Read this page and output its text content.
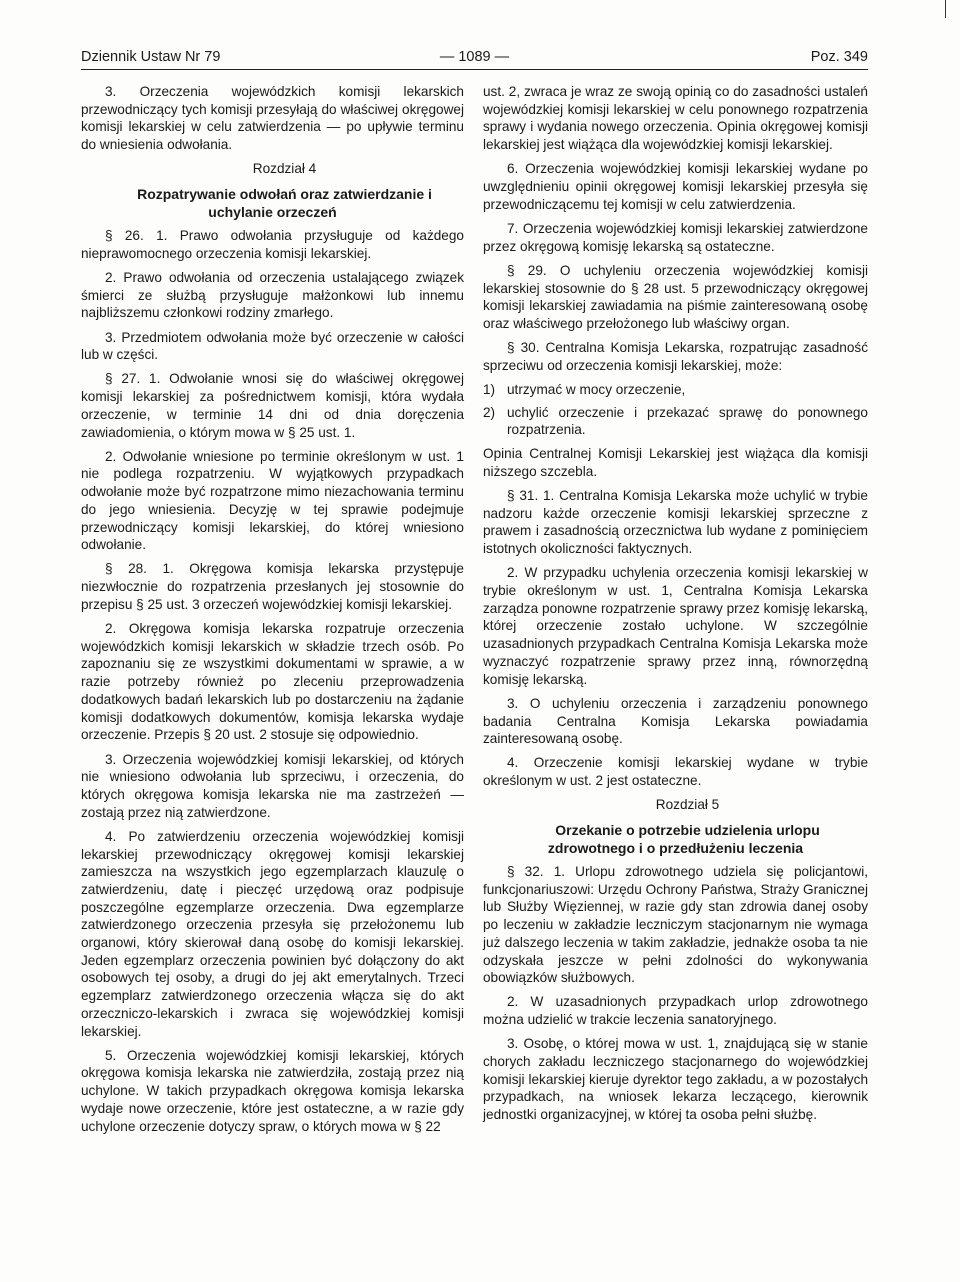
Dziennik Ustaw Nr 79	— 1089 —	Poz. 349

3. Orzeczenia wojewódzkich komisji lekarskich przewodniczący tych komisji przesyłają do właściwej okręgowej komisji lekarskiej w celu zatwierdzenia — po upływie terminu do wniesienia odwołania.

Rozdział 4

Rozpatrywanie odwołań oraz zatwierdzanie i uchylanie orzeczeń

§ 26. 1. Prawo odwołania przysługuje od każdego nieprawomocnego orzeczenia komisji lekarskiej.

2. Prawo odwołania od orzeczenia ustalającego związek śmierci ze służbą przysługuje małżonkowi lub innemu najbliższemu członkowi rodziny zmarłego.

3. Przedmiotem odwołania może być orzeczenie w całości lub w części.

§ 27. 1. Odwołanie wnosi się do właściwej okręgowej komisji lekarskiej za pośrednictwem komisji, która wydała orzeczenie, w terminie 14 dni od dnia doręczenia zawiadomienia, o którym mowa w § 25 ust. 1.

2. Odwołanie wniesione po terminie określonym w ust. 1 nie podlega rozpatrzeniu. W wyjątkowych przypadkach odwołanie może być rozpatrzone mimo niezachowania terminu do jego wniesienia. Decyzję w tej sprawie podejmuje przewodniczący komisji lekarskiej, do której wniesiono odwołanie.

§ 28. 1. Okręgowa komisja lekarska przystępuje niezwłocznie do rozpatrzenia przesłanych jej stosownie do przepisu § 25 ust. 3 orzeczeń wojewódzkiej komisji lekarskiej.

2. Okręgowa komisja lekarska rozpatruje orzeczenia wojewódzkich komisji lekarskich w składzie trzech osób. Po zapoznaniu się ze wszystkimi dokumentami w sprawie, a w razie potrzeby również po zleceniu przeprowadzenia dodatkowych badań lekarskich lub po dostarczeniu na żądanie komisji dodatkowych dokumentów, komisja lekarska wydaje orzeczenie. Przepis § 20 ust. 2 stosuje się odpowiednio.

3. Orzeczenia wojewódzkiej komisji lekarskiej, od których nie wniesiono odwołania lub sprzeciwu, i orzeczenia, do których okręgowa komisja lekarska nie ma zastrzeżeń — zostają przez nią zatwierdzone.

4. Po zatwierdzeniu orzeczenia wojewódzkiej komisji lekarskiej przewodniczący okręgowej komisji lekarskiej zamieszcza na wszystkich jego egzemplarzach klauzulę o zatwierdzeniu, datę i pieczęć urzędową oraz podpisuje poszczególne egzemplarze orzeczenia. Dwa egzemplarze zatwierdzonego orzeczenia przesyła się przełożonemu lub organowi, który skierował daną osobę do komisji lekarskiej. Jeden egzemplarz orzeczenia powinien być dołączony do akt osobowych tej osoby, a drugi do jej akt emerytalnych. Trzeci egzemplarz zatwierdzonego orzeczenia włącza się do akt orzeczniczo-lekarskich i zwraca się wojewódzkiej komisji lekarskiej.

5. Orzeczenia wojewódzkiej komisji lekarskiej, których okręgowa komisja lekarska nie zatwierdziła, zostają przez nią uchylone. W takich przypadkach okręgowa komisja lekarska wydaje nowe orzeczenie, które jest ostateczne, a w razie gdy uchylone orzeczenie dotyczy spraw, o których mowa w § 22

ust. 2, zwraca je wraz ze swoją opinią co do zasadności ustaleń wojewódzkiej komisji lekarskiej w celu ponownego rozpatrzenia sprawy i wydania nowego orzeczenia. Opinia okręgowej komisji lekarskiej jest wiążąca dla wojewódzkiej komisji lekarskiej.

6. Orzeczenia wojewódzkiej komisji lekarskiej wydane po uwzględnieniu opinii okręgowej komisji lekarskiej przesyła się przewodniczącemu tej komisji w celu zatwierdzenia.

7. Orzeczenia wojewódzkiej komisji lekarskiej zatwierdzone przez okręgową komisję lekarską są ostateczne.

§ 29. O uchyleniu orzeczenia wojewódzkiej komisji lekarskiej stosownie do § 28 ust. 5 przewodniczący okręgowej komisji lekarskiej zawiadamia na piśmie zainteresowaną osobę oraz właściwego przełożonego lub właściwy organ.

§ 30. Centralna Komisja Lekarska, rozpatrując zasadność sprzeciwu od orzeczenia komisji lekarskiej, może:

1) utrzymać w mocy orzeczenie,
2) uchylić orzeczenie i przekazać sprawę do ponownego rozpatrzenia.

Opinia Centralnej Komisji Lekarskiej jest wiążąca dla komisji niższego szczebla.

§ 31. 1. Centralna Komisja Lekarska może uchylić w trybie nadzoru każde orzeczenie komisji lekarskiej sprzeczne z prawem i zasadnością orzecznictwa lub wydane z pominięciem istotnych okoliczności faktycznych.

2. W przypadku uchylenia orzeczenia komisji lekarskiej w trybie określonym w ust. 1, Centralna Komisja Lekarska zarządza ponowne rozpatrzenie sprawy przez komisję lekarską, której orzeczenie zostało uchylone. W szczególnie uzasadnionych przypadkach Centralna Komisja Lekarska może wyznaczyć rozpatrzenie sprawy przez inną, równorzędną komisję lekarską.

3. O uchyleniu orzeczenia i zarządzeniu ponownego badania Centralna Komisja Lekarska powiadamia zainteresowaną osobę.

4. Orzeczenie komisji lekarskiej wydane w trybie określonym w ust. 2 jest ostateczne.

Rozdział 5

Orzekanie o potrzebie udzielenia urlopu zdrowotnego i o przedłużeniu leczenia

§ 32. 1. Urlopu zdrowotnego udziela się policjantowi, funkcjonariuszowi: Urzędu Ochrony Państwa, Straży Granicznej lub Służby Więziennej, w razie gdy stan zdrowia danej osoby po leczeniu w zakładzie leczniczym stacjonarnym nie wymaga już dalszego leczenia w takim zakładzie, jednakże osoba ta nie odzyskała jeszcze w pełni zdolności do wykonywania obowiązków służbowych.

2. W uzasadnionych przypadkach urlop zdrowotnego można udzielić w trakcie leczenia sanatoryjnego.

3. Osobę, o której mowa w ust. 1, znajdującą się w stanie chorych zakładu leczniczego stacjonarnego do wojewódzkiej komisji lekarskiej kieruje dyrektor tego zakładu, a w pozostałych przypadkach, na wniosek lekarza leczącego, kierownik jednostki organizacyjnej, w której ta osoba pełni służbę.
